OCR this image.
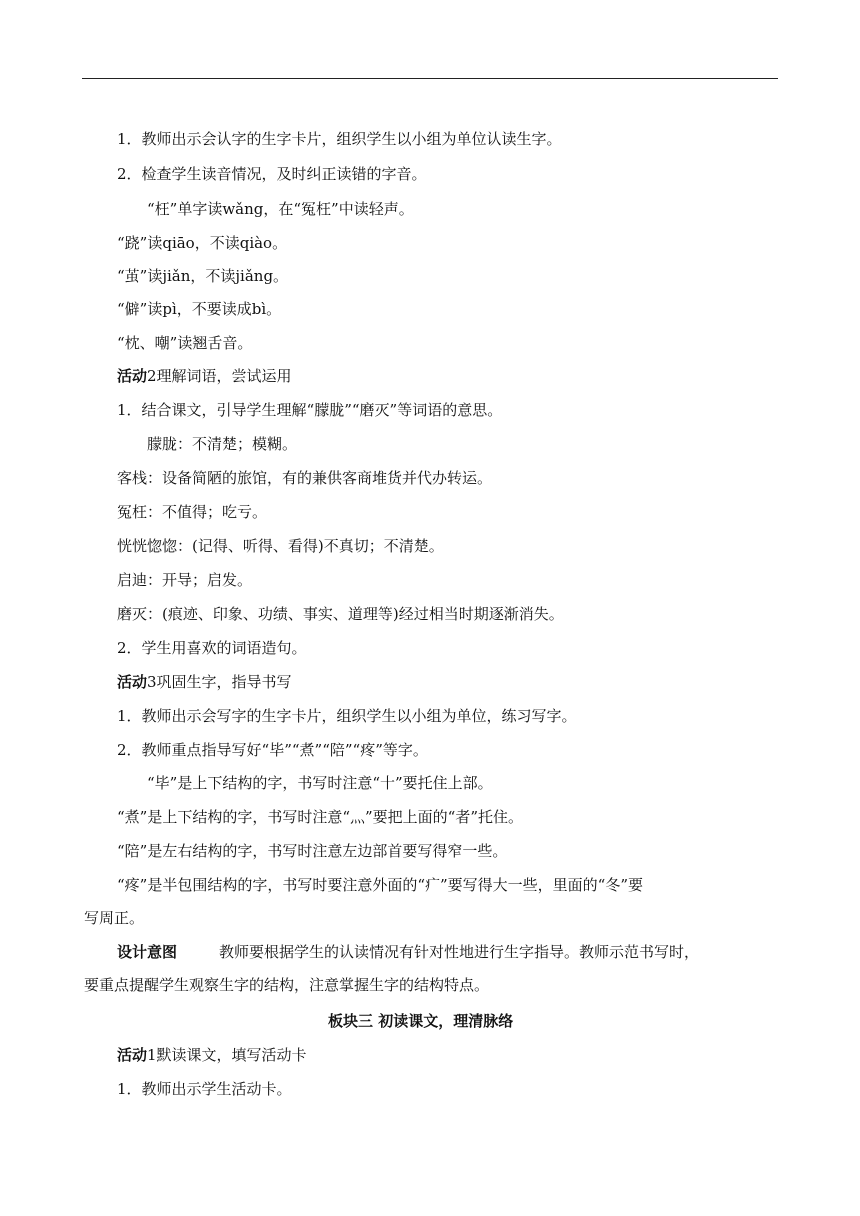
1．教师出示会认字的生字卡片，组织学生以小组为单位认读生字。
2．检查学生读音情况，及时纠正读错的字音。
“枉”单字读wǎng，在“冤枉”中读轻声。
“跷”读qiāo，不读qiào。
“茧”读jiǎn，不读jiǎng。
“僻”读pì，不要读成bì。
“枕、嘲”读翘舌音。
活动2理解词语，尝试运用
1．结合课文，引导学生理解“朦胧”“磨灭”等词语的意思。
朦胧：不清楚；模糊。
客栈：设备简陋的旅馆，有的兼供客商堆货并代办转运。
冤枉：不值得；吃亏。
恍恍惚惚：(记得、听得、看得)不真切；不清楚。
启迪：开导；启发。
磨灭：(痕迹、印象、功绩、事实、道理等)经过相当时期逐渐消失。
2．学生用喜欢的词语造句。
活动3巩固生字，指导书写
1．教师出示会写字的生字卡片，组织学生以小组为单位，练习写字。
2．教师重点指导写好“毕”“煮”“陪”“疼”等字。
“毕”是上下结构的字，书写时注意“十”要托住上部。
“煮”是上下结构的字，书写时注意“灬”要把上面的“者”托住。
“陪”是左右结构的字，书写时注意左边部首要写得窄一些。
“疼”是半包围结构的字，书写时要注意外面的“疒”要写得大一些，里面的“冬”要
写周正。
设计意图	教师要根据学生的认读情况有针对性地进行生字指导。教师示范书写时，
要重点提醒学生观察生字的结构，注意掌握生字的结构特点。
板块三 初读课文，理清脉络
活动1默读课文，填写活动卡
1．教师出示学生活动卡。
